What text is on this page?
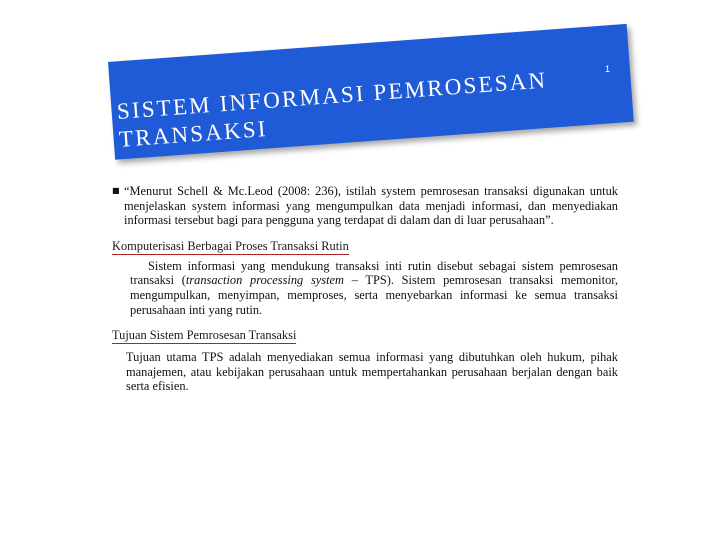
1
SISTEM INFORMASI PEMROSESAN TRANSAKSI
■ “Menurut Schell & Mc.Leod (2008: 236), istilah system pemrosesan transaksi digunakan untuk menjelaskan system informasi yang mengumpulkan data menjadi informasi, dan menyediakan informasi tersebut bagi para pengguna yang terdapat di dalam dan di luar perusahaan”.

Komputerisasi Berbagai Proses Transaksi Rutin

Sistem informasi yang mendukung transaksi inti rutin disebut sebagai sistem pemrosesan transaksi (transaction processing system – TPS). Sistem pemrosesan transaksi memonitor, mengumpulkan, menyimpan, memproses, serta menyebarkan informasi ke semua transaksi perusahaan inti yang rutin.

Tujuan Sistem Pemrosesan Transaksi

Tujuan utama TPS adalah menyediakan semua informasi yang dibutuhkan oleh hukum, pihak manajemen, atau kebijakan perusahaan untuk mempertahankan perusahaan berjalan dengan baik serta efisien.
